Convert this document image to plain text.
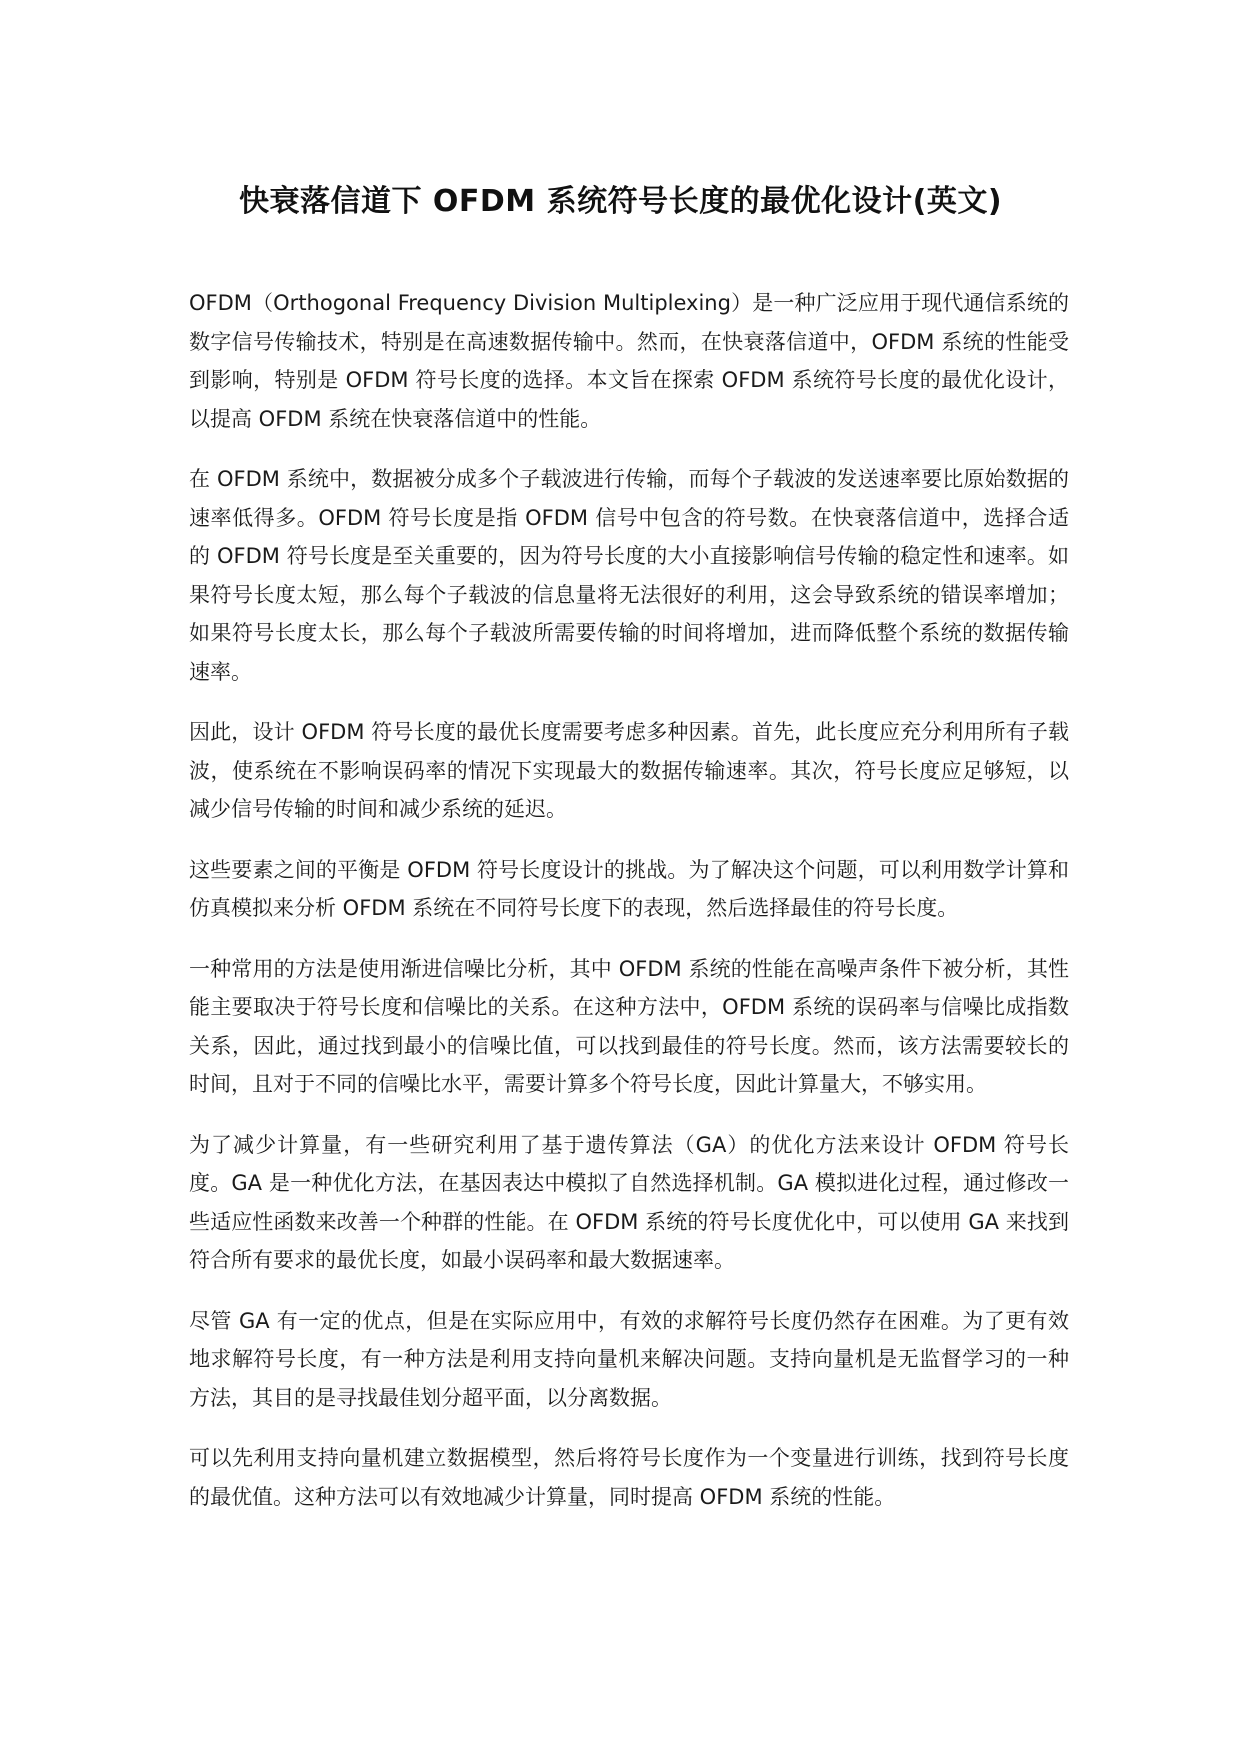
快衰落信道下 OFDM 系统符号长度的最优化设计(英文)

OFDM（Orthogonal Frequency Division Multiplexing）是一种广泛应用于现代通信系统的数字信号传输技术，特别是在高速数据传输中。然而，在快衰落信道中，OFDM 系统的性能受到影响，特别是 OFDM 符号长度的选择。本文旨在探索 OFDM 系统符号长度的最优化设计，以提高 OFDM 系统在快衰落信道中的性能。

在 OFDM 系统中，数据被分成多个子载波进行传输，而每个子载波的发送速率要比原始数据的速率低得多。OFDM 符号长度是指 OFDM 信号中包含的符号数。在快衰落信道中，选择合适的 OFDM 符号长度是至关重要的，因为符号长度的大小直接影响信号传输的稳定性和速率。如果符号长度太短，那么每个子载波的信息量将无法很好的利用，这会导致系统的错误率增加；如果符号长度太长，那么每个子载波所需要传输的时间将增加，进而降低整个系统的数据传输速率。

因此，设计 OFDM 符号长度的最优长度需要考虑多种因素。首先，此长度应充分利用所有子载波，使系统在不影响误码率的情况下实现最大的数据传输速率。其次，符号长度应足够短，以减少信号传输的时间和减少系统的延迟。

这些要素之间的平衡是 OFDM 符号长度设计的挑战。为了解决这个问题，可以利用数学计算和仿真模拟来分析 OFDM 系统在不同符号长度下的表现，然后选择最佳的符号长度。

一种常用的方法是使用渐进信噪比分析，其中 OFDM 系统的性能在高噪声条件下被分析，其性能主要取决于符号长度和信噪比的关系。在这种方法中，OFDM 系统的误码率与信噪比成指数关系，因此，通过找到最小的信噪比值，可以找到最佳的符号长度。然而，该方法需要较长的时间，且对于不同的信噪比水平，需要计算多个符号长度，因此计算量大，不够实用。

为了减少计算量，有一些研究利用了基于遗传算法（GA）的优化方法来设计 OFDM 符号长度。GA 是一种优化方法，在基因表达中模拟了自然选择机制。GA 模拟进化过程，通过修改一些适应性函数来改善一个种群的性能。在 OFDM 系统的符号长度优化中，可以使用 GA 来找到符合所有要求的最优长度，如最小误码率和最大数据速率。

尽管 GA 有一定的优点，但是在实际应用中，有效的求解符号长度仍然存在困难。为了更有效地求解符号长度，有一种方法是利用支持向量机来解决问题。支持向量机是无监督学习的一种方法，其目的是寻找最佳划分超平面，以分离数据。

可以先利用支持向量机建立数据模型，然后将符号长度作为一个变量进行训练，找到符号长度的最优值。这种方法可以有效地减少计算量，同时提高 OFDM 系统的性能。
